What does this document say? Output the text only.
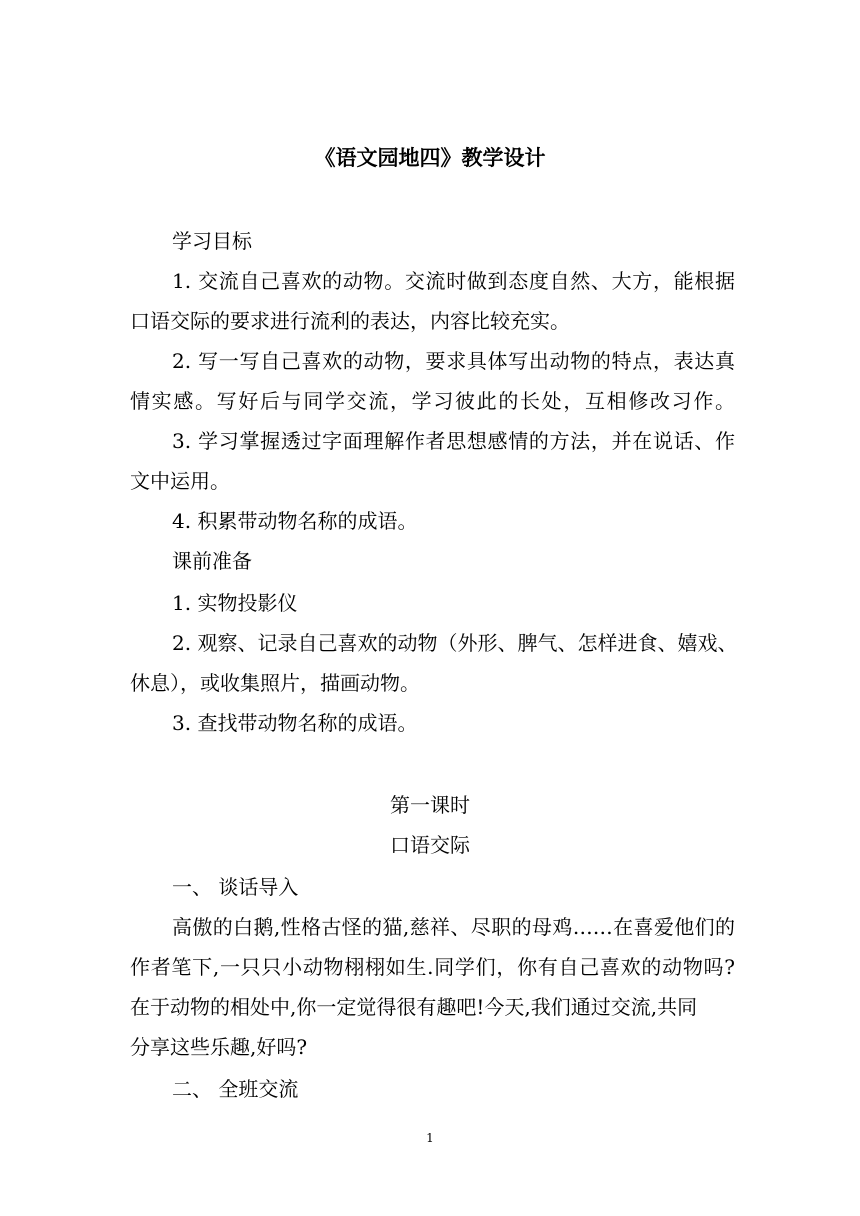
《语文园地四》教学设计
学习目标
1. 交流自己喜欢的动物。交流时做到态度自然、大方，能根据
口语交际的要求进行流利的表达，内容比较充实。
2. 写一写自己喜欢的动物，要求具体写出动物的特点，表达真
情实感。写好后与同学交流，学习彼此的长处，互相修改习作。
3. 学习掌握透过字面理解作者思想感情的方法，并在说话、作
文中运用。
4. 积累带动物名称的成语。
课前准备
1. 实物投影仪
2. 观察、记录自己喜欢的动物（外形、脾气、怎样进食、嬉戏、
休息），或收集照片，描画动物。
3. 查找带动物名称的成语。
第一课时
口语交际
一、 谈话导入
高傲的白鹅,性格古怪的猫,慈祥、尽职的母鸡……在喜爱他们的
作者笔下,一只只小动物栩栩如生.同学们，你有自己喜欢的动物吗?
在于动物的相处中,你一定觉得很有趣吧!今天,我们通过交流,共同
分享这些乐趣,好吗?
二、 全班交流
1
